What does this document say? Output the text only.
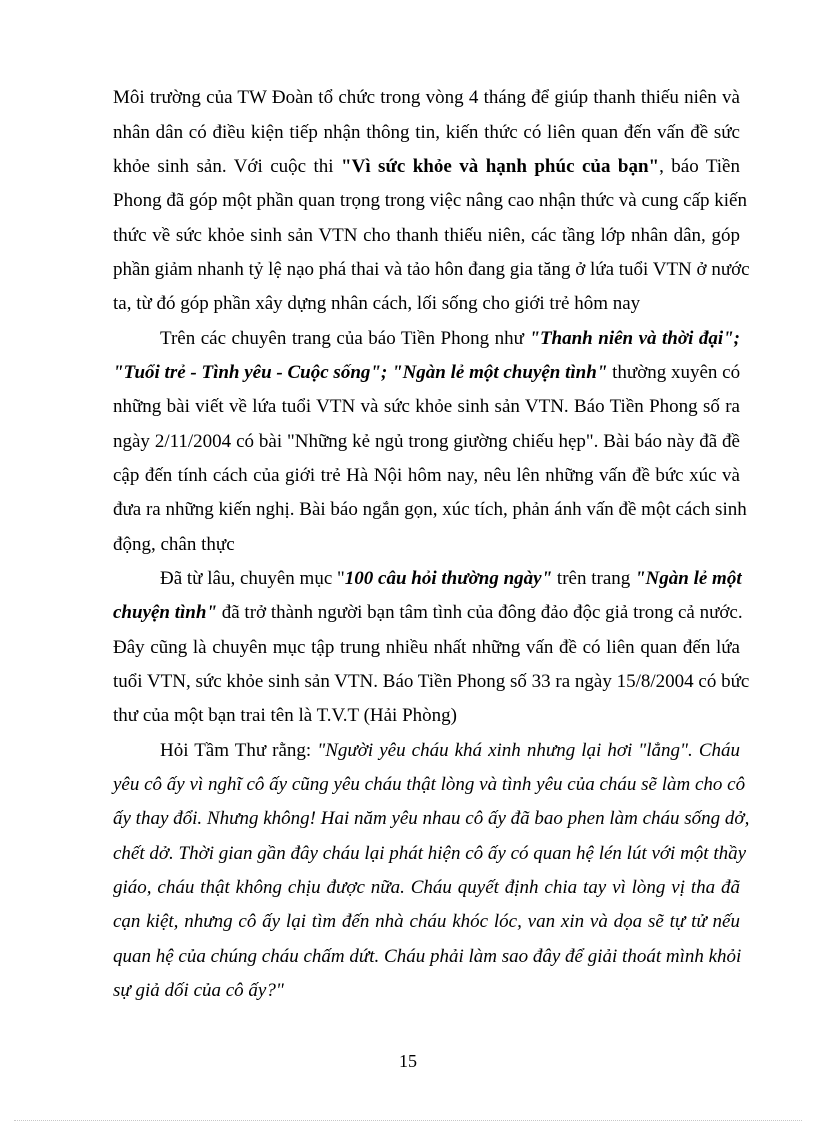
Môi trường của TW Đoàn tổ chức trong vòng 4 tháng để giúp thanh thiếu niên và
nhân dân có điều kiện tiếp nhận thông tin, kiến thức có liên quan đến vấn đề sức
khỏe sinh sản. Với cuộc thi "Vì sức khỏe và hạnh phúc của bạn", báo Tiền
Phong đã góp một phần quan trọng trong việc nâng cao nhận thức và cung cấp kiến
thức về sức khỏe sinh sản VTN cho thanh thiếu niên, các tầng lớp nhân dân, góp
phần giảm nhanh tỷ lệ nạo phá thai và tảo hôn đang gia tăng ở lứa tuổi VTN ở nước
ta, từ đó góp phần xây dựng nhân cách, lối sống cho giới trẻ hôm nay
Trên các chuyên trang của báo Tiền Phong như "Thanh niên và thời đại";
"Tuổi trẻ - Tình yêu - Cuộc sống"; "Ngàn lẻ một chuyện tình" thường xuyên có
những bài viết về lứa tuổi VTN và sức khỏe sinh sản VTN. Báo Tiền Phong số ra
ngày 2/11/2004 có bài "Những kẻ ngủ trong giường chiếu hẹp". Bài báo này đã đề
cập đến tính cách của giới trẻ Hà Nội hôm nay, nêu lên những vấn đề bức xúc và
đưa ra những kiến nghị. Bài báo ngắn gọn, xúc tích, phản ánh vấn đề một cách sinh
động, chân thực
Đã từ lâu, chuyên mục "100 câu hỏi thường ngày" trên trang "Ngàn lẻ một
chuyện tình" đã trở thành người bạn tâm tình của đông đảo độc giả trong cả nước.
Đây cũng là chuyên mục tập trung nhiều nhất những vấn đề có liên quan đến lứa
tuổi VTN, sức khỏe sinh sản VTN. Báo Tiền Phong số 33 ra ngày 15/8/2004 có bức
thư của một bạn trai tên là T.V.T (Hải Phòng)
Hỏi Tầm Thư rằng: "Người yêu cháu khá xinh nhưng lại hơi "lẳng". Cháu
yêu cô ấy vì nghĩ cô ấy cũng yêu cháu thật lòng và tình yêu của cháu sẽ làm cho cô
ấy thay đổi. Nhưng không! Hai năm yêu nhau cô ấy đã bao phen làm cháu sống dở,
chết dở. Thời gian gần đây cháu lại phát hiện cô ấy có quan hệ lén lút với một thầy
giáo, cháu thật không chịu được nữa. Cháu quyết định chia tay vì lòng vị tha đã
cạn kiệt, nhưng cô ấy lại tìm đến nhà cháu khóc lóc, van xin và dọa sẽ tự tử nếu
quan hệ của chúng cháu chấm dứt. Cháu phải làm sao đây để giải thoát mình khỏi
sự giả dối của cô ấy?"
15
